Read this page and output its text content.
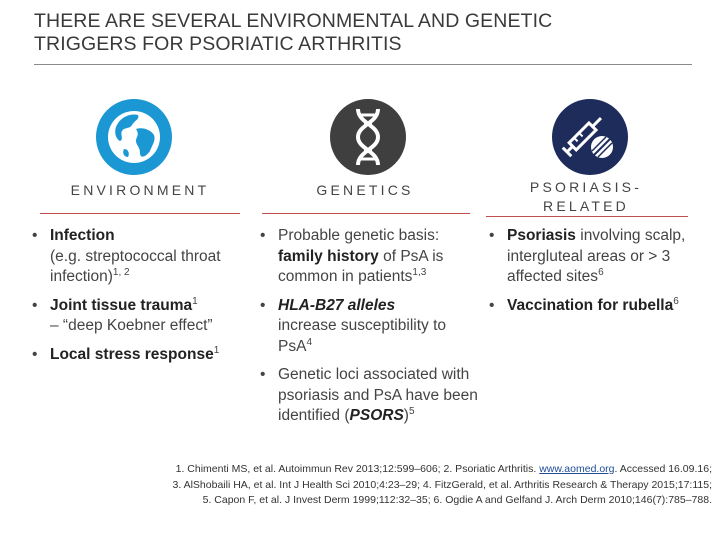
THERE ARE SEVERAL ENVIRONMENTAL AND GENETIC
TRIGGERS FOR PSORIATIC ARTHRITIS
ENVIRONMENT	GENETICS	PSORIASIS-
RELATED
• Infection
(e.g. streptococcal throat infection)$^{1, 2}$
• Joint tissue trauma$^1$
– “deep Koebner effect”
• Local stress response$^1$
• Probable genetic basis: family history of PsA is common in patients$^{1,3}$
• HLA-B27 alleles
increase susceptibility to PsA$^4$
• Genetic loci associated with psoriasis and PsA have been identified (PSORS)$^5$
• Psoriasis involving scalp, intergluteal areas or > 3 affected sites$^6$
• Vaccination for rubella$^6$
1. Chimenti MS, et al. Autoimmun Rev 2013;12:599–606; 2. Psoriatic Arthritis. www.aomed.org. Accessed 16.09.16;
3. AlShobaili HA, et al. Int J Health Sci 2010;4:23–29; 4. FitzGerald, et al. Arthritis Research & Therapy 2015;17:115;
5. Capon F, et al. J Invest Derm 1999;112:32–35; 6. Ogdie A and Gelfand J. Arch Derm 2010;146(7):785–788.
